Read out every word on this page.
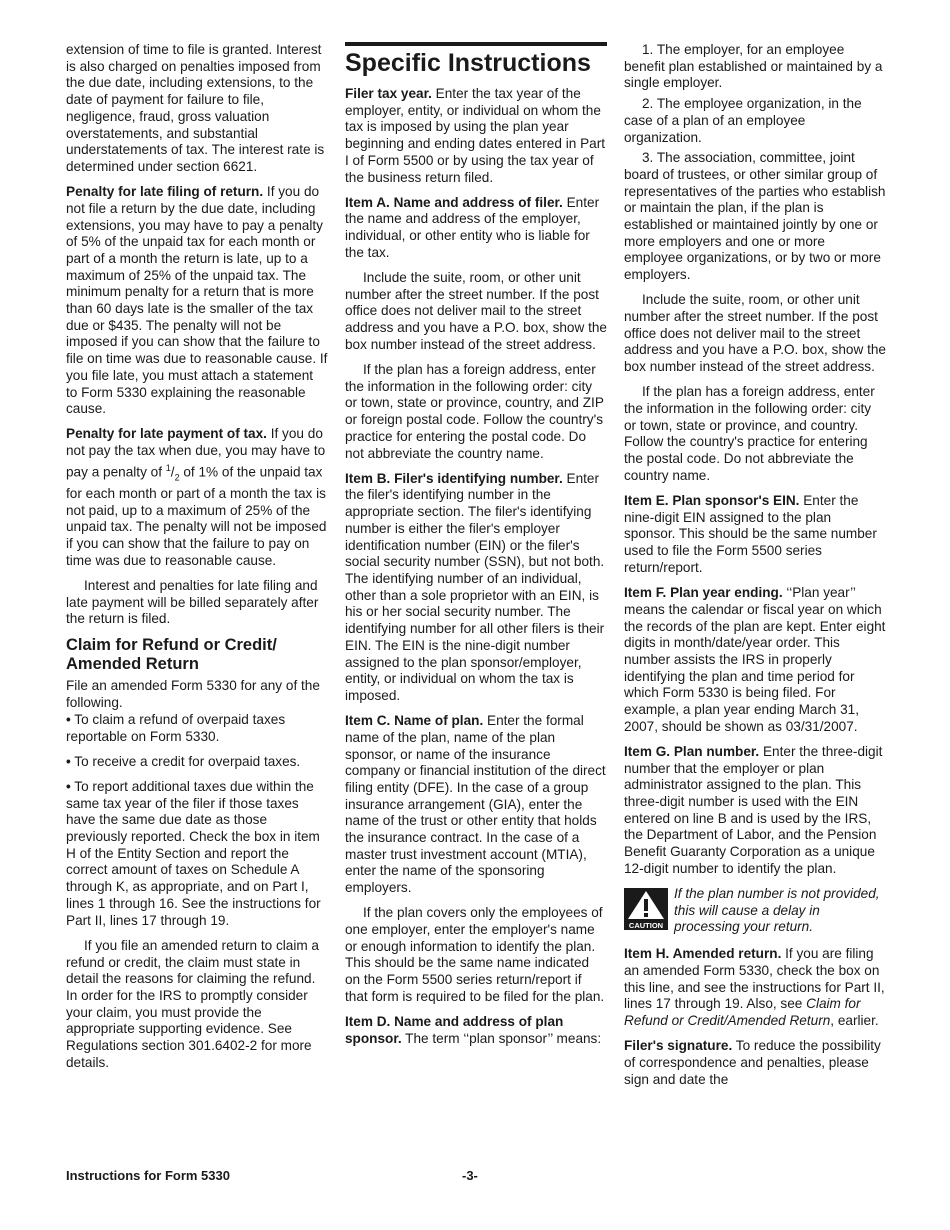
extension of time to file is granted. Interest is also charged on penalties imposed from the due date, including extensions, to the date of payment for failure to file, negligence, fraud, gross valuation overstatements, and substantial understatements of tax. The interest rate is determined under section 6621.

Penalty for late filing of return. If you do not file a return by the due date, including extensions, you may have to pay a penalty of 5% of the unpaid tax for each month or part of a month the return is late, up to a maximum of 25% of the unpaid tax. The minimum penalty for a return that is more than 60 days late is the smaller of the tax due or $435. The penalty will not be imposed if you can show that the failure to file on time was due to reasonable cause. If you file late, you must attach a statement to Form 5330 explaining the reasonable cause.

Penalty for late payment of tax. If you do not pay the tax when due, you may have to pay a penalty of $^1/_2$ of 1% of the unpaid tax for each month or part of a month the tax is not paid, up to a maximum of 25% of the unpaid tax. The penalty will not be imposed if you can show that the failure to pay on time was due to reasonable cause.

Interest and penalties for late filing and late payment will be billed separately after the return is filed.

Claim for Refund or Credit/ Amended Return

File an amended Form 5330 for any of the following.

• To claim a refund of overpaid taxes reportable on Form 5330.

• To receive a credit for overpaid taxes.

• To report additional taxes due within the same tax year of the filer if those taxes have the same due date as those previously reported. Check the box in item H of the Entity Section and report the correct amount of taxes on Schedule A through K, as appropriate, and on Part I, lines 1 through 16. See the instructions for Part II, lines 17 through 19.

If you file an amended return to claim a refund or credit, the claim must state in detail the reasons for claiming the refund. In order for the IRS to promptly consider your claim, you must provide the appropriate supporting evidence. See Regulations section 301.6402-2 for more details.

Specific Instructions

Filer tax year. Enter the tax year of the employer, entity, or individual on whom the tax is imposed by using the plan year beginning and ending dates entered in Part I of Form 5500 or by using the tax year of the business return filed.

Item A. Name and address of filer. Enter the name and address of the employer, individual, or other entity who is liable for the tax.

Include the suite, room, or other unit number after the street number. If the post office does not deliver mail to the street address and you have a P.O. box, show the box number instead of the street address.

If the plan has a foreign address, enter the information in the following order: city or town, state or province, country, and ZIP or foreign postal code. Follow the country's practice for entering the postal code. Do not abbreviate the country name.

Item B. Filer's identifying number. Enter the filer's identifying number in the appropriate section. The filer's identifying number is either the filer's employer identification number (EIN) or the filer's social security number (SSN), but not both. The identifying number of an individual, other than a sole proprietor with an EIN, is his or her social security number. The identifying number for all other filers is their EIN. The EIN is the nine-digit number assigned to the plan sponsor/employer, entity, or individual on whom the tax is imposed.

Item C. Name of plan. Enter the formal name of the plan, name of the plan sponsor, or name of the insurance company or financial institution of the direct filing entity (DFE). In the case of a group insurance arrangement (GIA), enter the name of the trust or other entity that holds the insurance contract. In the case of a master trust investment account (MTIA), enter the name of the sponsoring employers.

If the plan covers only the employees of one employer, enter the employer's name or enough information to identify the plan. This should be the same name indicated on the Form 5500 series return/report if that form is required to be filed for the plan.

Item D. Name and address of plan sponsor. The term ‘‘plan sponsor’’ means:

1. The employer, for an employee benefit plan established or maintained by a single employer.

2. The employee organization, in the case of a plan of an employee organization.

3. The association, committee, joint board of trustees, or other similar group of representatives of the parties who establish or maintain the plan, if the plan is established or maintained jointly by one or more employers and one or more employee organizations, or by two or more employers.

Include the suite, room, or other unit number after the street number. If the post office does not deliver mail to the street address and you have a P.O. box, show the box number instead of the street address.

If the plan has a foreign address, enter the information in the following order: city or town, state or province, and country. Follow the country's practice for entering the postal code. Do not abbreviate the country name.

Item E. Plan sponsor's EIN. Enter the nine-digit EIN assigned to the plan sponsor. This should be the same number used to file the Form 5500 series return/report.

Item F. Plan year ending. ‘‘Plan year’’ means the calendar or fiscal year on which the records of the plan are kept. Enter eight digits in month/date/year order. This number assists the IRS in properly identifying the plan and time period for which Form 5330 is being filed. For example, a plan year ending March 31, 2007, should be shown as 03/31/2007.

Item G. Plan number. Enter the three-digit number that the employer or plan administrator assigned to the plan. This three-digit number is used with the EIN entered on line B and is used by the IRS, the Department of Labor, and the Pension Benefit Guaranty Corporation as a unique 12-digit number to identify the plan.

CAUTION
If the plan number is not provided, this will cause a delay in processing your return.

Item H. Amended return. If you are filing an amended Form 5330, check the box on this line, and see the instructions for Part II, lines 17 through 19. Also, see Claim for Refund or Credit/Amended Return, earlier.

Filer's signature. To reduce the possibility of correspondence and penalties, please sign and date the

Instructions for Form 5330	-3-
